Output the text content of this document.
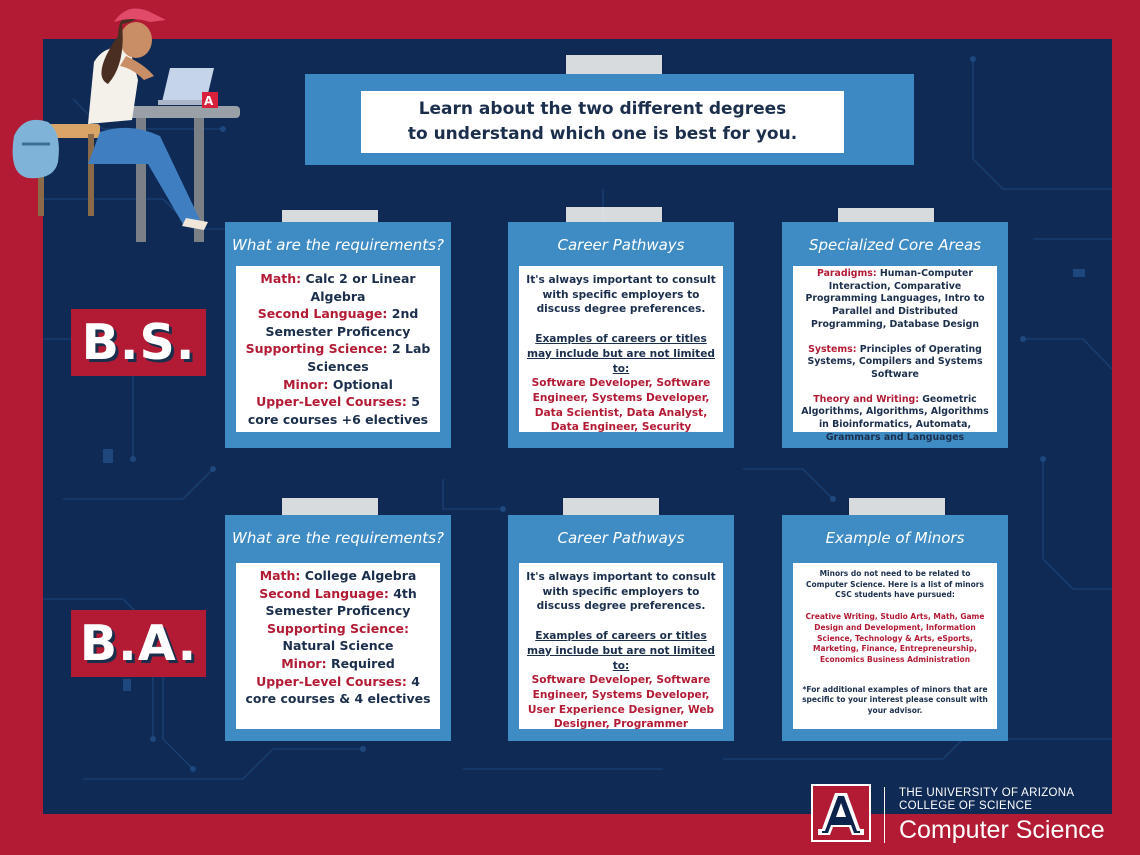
A	Learn about the two different degrees
to understand which one is best for you.
B.S.
B.A.
What are the requirements?
Math: Calc 2 or Linear Algebra
Second Language: 2nd Semester Proficency
Supporting Science: 2 Lab Sciences
Minor: Optional
Upper-Level Courses: 5 core courses +6 electives
Career Pathways
It's always important to consult with specific employers to discuss degree preferences.
Examples of careers or titles may include but are not limited to:
Software Developer, Software Engineer, Systems Developer, Data Scientist, Data Analyst, Data Engineer, Security
Specialized Core Areas
Paradigms: Human-Computer Interaction, Comparative Programming Languages, Intro to Parallel and Distributed Programming, Database Design
Systems: Principles of Operating Systems, Compilers and Systems Software
Theory and Writing: Geometric Algorithms, Algorithms, Algorithms in Bioinformatics, Automata, Grammars and Languages
What are the requirements?
Math: College Algebra
Second Language: 4th Semester Proficency
Supporting Science: Natural Science
Minor: Required
Upper-Level Courses: 4 core courses & 4 electives
Career Pathways
It's always important to consult with specific employers to discuss degree preferences.
Examples of careers or titles may include but are not limited to:
Software Developer, Software Engineer, Systems Developer, User Experience Designer, Web Designer, Programmer
Example of Minors
Minors do not need to be related to Computer Science. Here is a list of minors CSC students have pursued:
Creative Writing, Studio Arts, Math, Game Design and Development, Information Science, Technology & Arts, eSports, Marketing, Finance, Entrepreneurship, Economics Business Administration
*For additional examples of minors that are specific to your interest please consult with your advisor.
THE UNIVERSITY OF ARIZONA
COLLEGE OF SCIENCE
Computer Science
